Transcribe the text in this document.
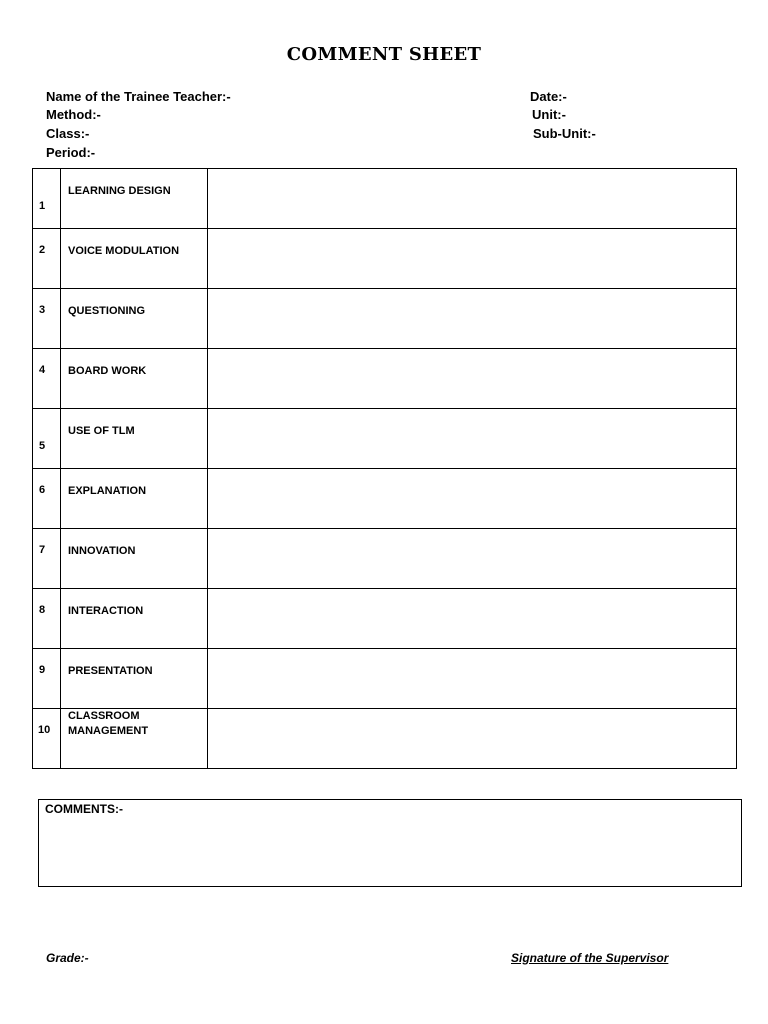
COMMENT SHEET
Name of the Trainee Teacher:-
Method:-
Class:-
Period:-
Date:-
Unit:-
Sub-Unit:-
1	LEARNING DESIGN	

2	VOICE MODULATION	

3	QUESTIONING	

4	BOARD WORK	

5	USE OF TLM	

6	EXPLANATION	

7	INNOVATION	

8	INTERACTION	

9	PRESENTATION	

10	CLASSROOM MANAGEMENT	

COMMENTS:-
Grade:-	Signature of the Supervisor
